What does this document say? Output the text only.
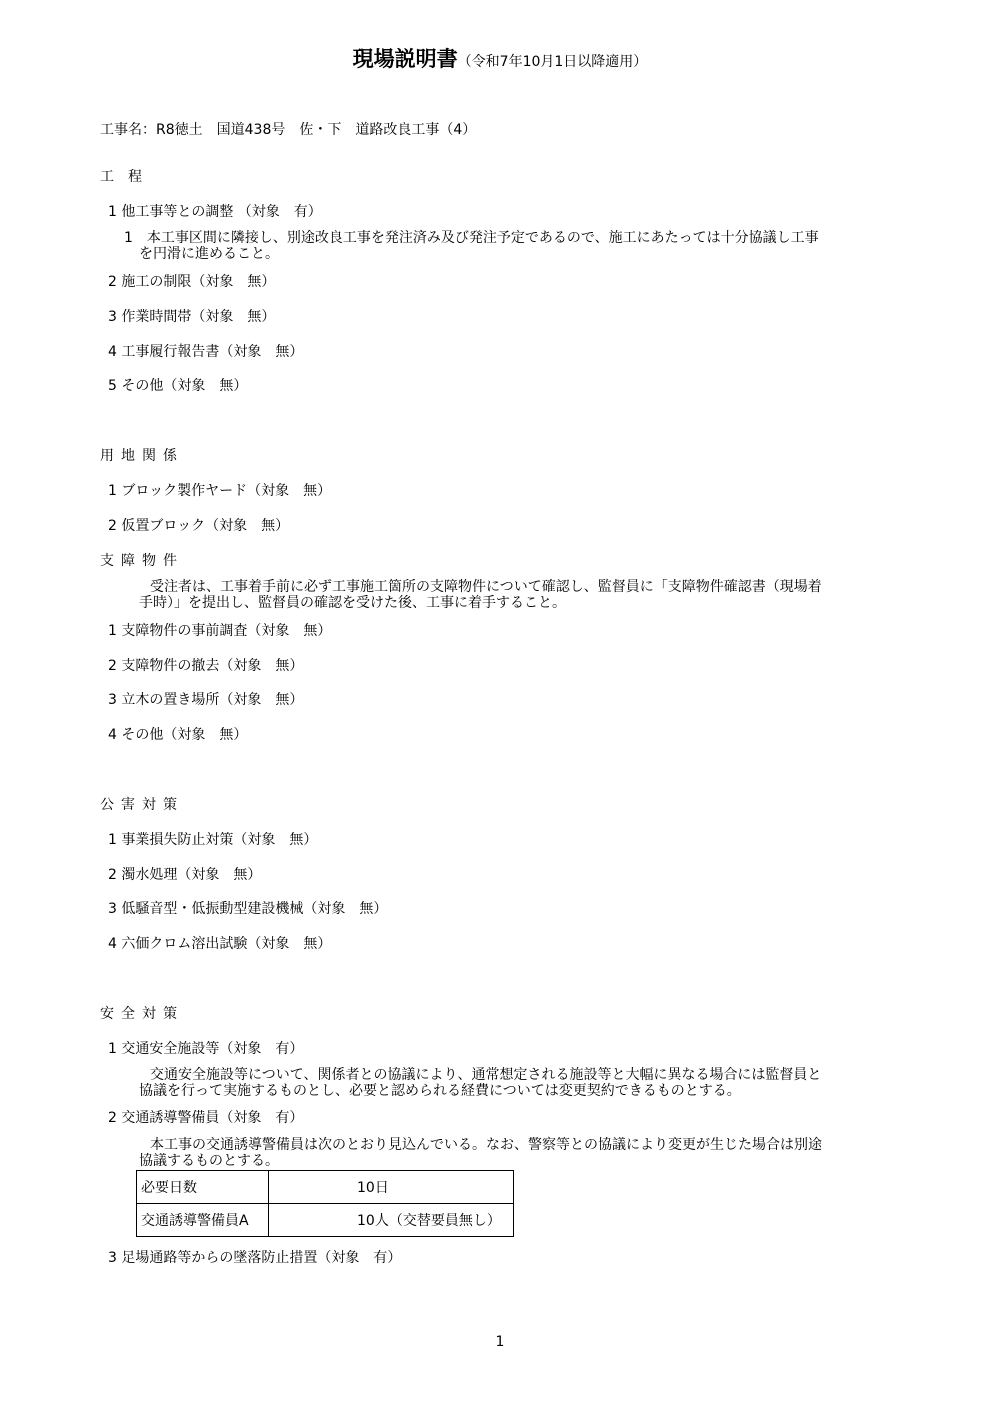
現場説明書（令和7年10月1日以降適用）
工事名：R8徳土　国道438号　佐・下　道路改良工事（4）
工　程
1 他工事等との調整 （対象　有）
1　本工事区間に隣接し、別途改良工事を発注済み及び発注予定であるので、施工にあたっては十分協議し工事
を円滑に進めること。
2 施工の制限（対象　無）
3 作業時間帯（対象　無）
4 工事履行報告書（対象　無）
5 その他（対象　無）
用地関係
1 ブロック製作ヤード（対象　無）
2 仮置ブロック（対象　無）
支障物件
受注者は、工事着手前に必ず工事施工箇所の支障物件について確認し、監督員に「支障物件確認書（現場着
手時）」を提出し、監督員の確認を受けた後、工事に着手すること。
1 支障物件の事前調査（対象　無）
2 支障物件の撤去（対象　無）
3 立木の置き場所（対象　無）
4 その他（対象　無）
公害対策
1 事業損失防止対策（対象　無）
2 濁水処理（対象　無）
3 低騒音型・低振動型建設機械（対象　無）
4 六価クロム溶出試験（対象　無）
安全対策
1 交通安全施設等（対象　有）
交通安全施設等について、関係者との協議により、通常想定される施設等と大幅に異なる場合には監督員と
協議を行って実施するものとし、必要と認められる経費については変更契約できるものとする。
2 交通誘導警備員（対象　有）
本工事の交通誘導警備員は次のとおり見込んでいる。なお、警察等との協議により変更が生じた場合は別途
協議するものとする。
必要日数	10日
交通誘導警備員A	10人（交替要員無し）
3 足場通路等からの墜落防止措置（対象　有）
1
